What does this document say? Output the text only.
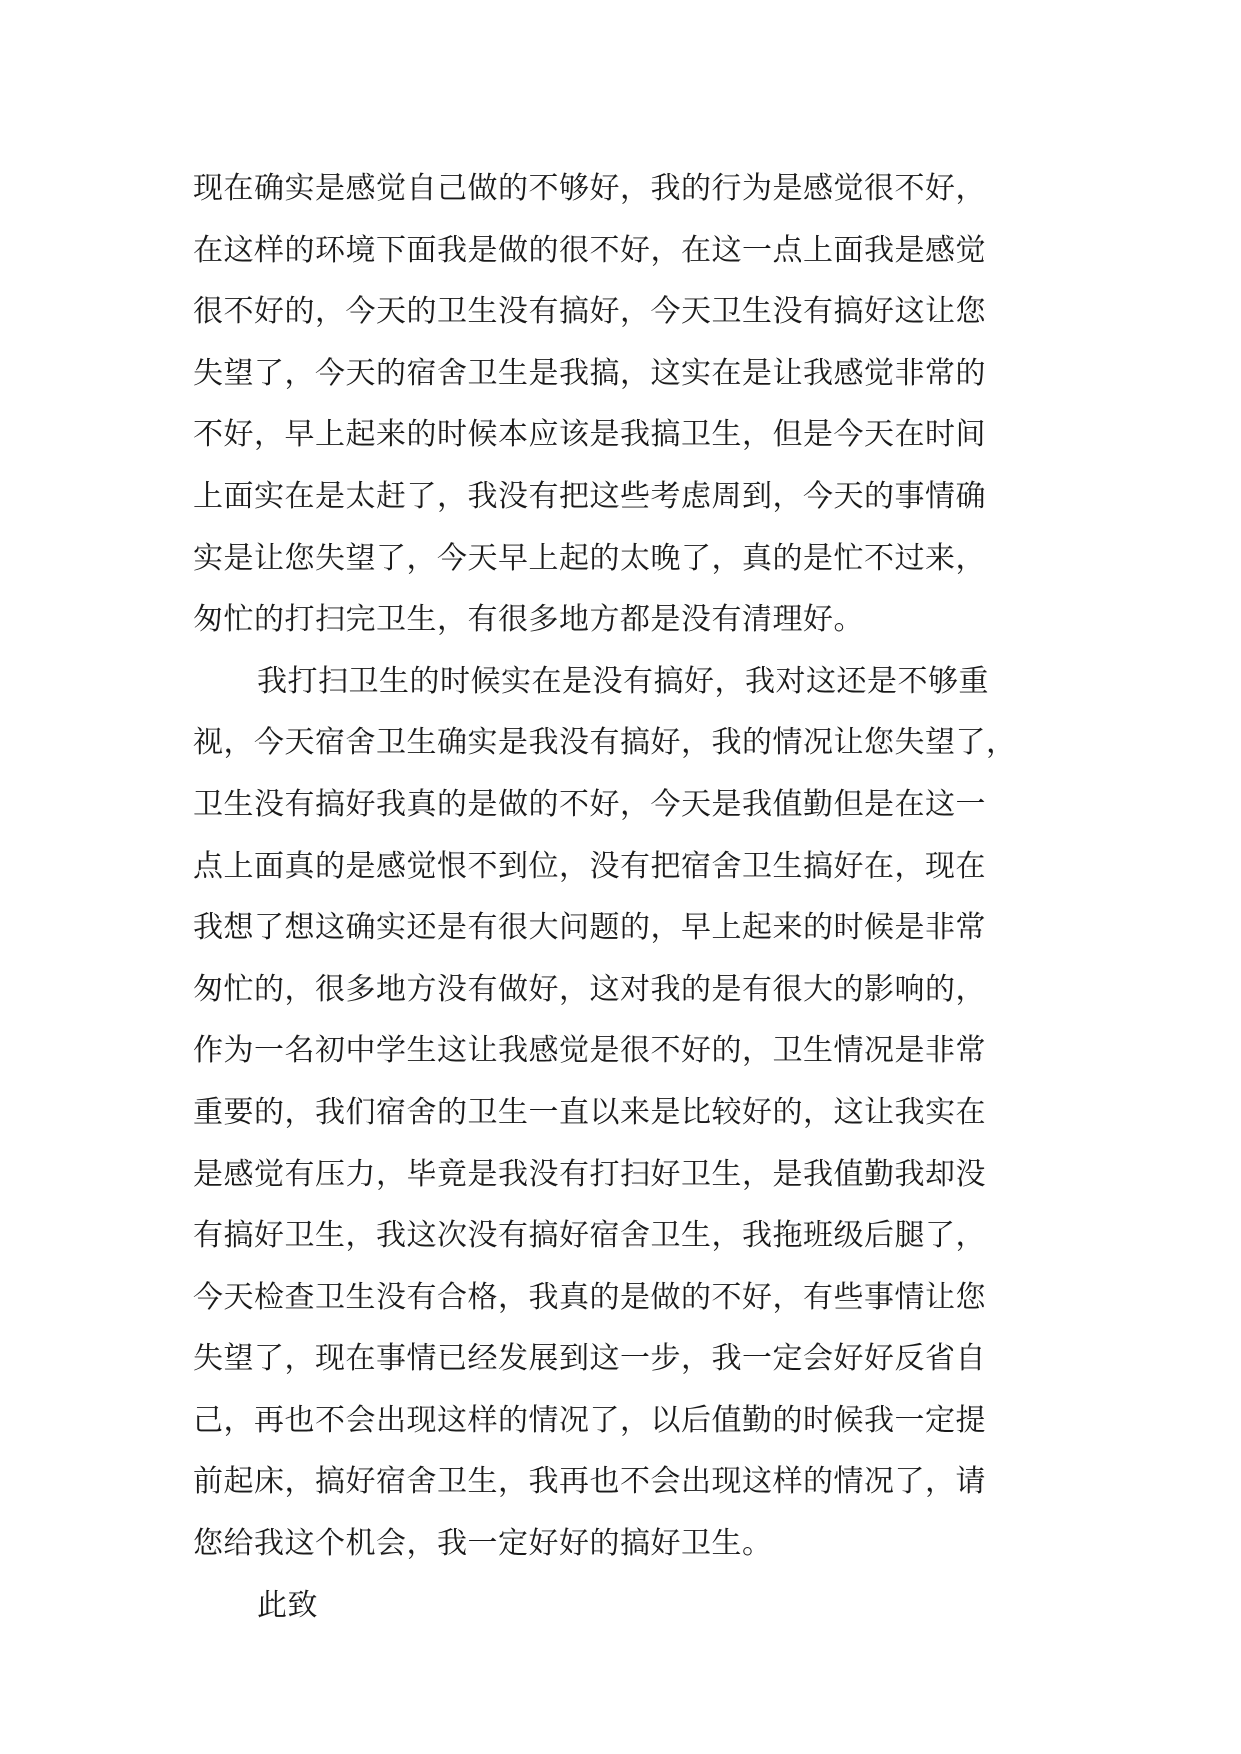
现在确实是感觉自己做的不够好，我的行为是感觉很不好，
在这样的环境下面我是做的很不好，在这一点上面我是感觉
很不好的，今天的卫生没有搞好，今天卫生没有搞好这让您
失望了，今天的宿舍卫生是我搞，这实在是让我感觉非常的
不好，早上起来的时候本应该是我搞卫生，但是今天在时间
上面实在是太赶了，我没有把这些考虑周到，今天的事情确
实是让您失望了，今天早上起的太晚了，真的是忙不过来，
匆忙的打扫完卫生，有很多地方都是没有清理好。
我打扫卫生的时候实在是没有搞好，我对这还是不够重
视，今天宿舍卫生确实是我没有搞好，我的情况让您失望了，
卫生没有搞好我真的是做的不好，今天是我值勤但是在这一
点上面真的是感觉恨不到位，没有把宿舍卫生搞好在，现在
我想了想这确实还是有很大问题的，早上起来的时候是非常
匆忙的，很多地方没有做好，这对我的是有很大的影响的，
作为一名初中学生这让我感觉是很不好的，卫生情况是非常
重要的，我们宿舍的卫生一直以来是比较好的，这让我实在
是感觉有压力，毕竟是我没有打扫好卫生，是我值勤我却没
有搞好卫生，我这次没有搞好宿舍卫生，我拖班级后腿了，
今天检查卫生没有合格，我真的是做的不好，有些事情让您
失望了，现在事情已经发展到这一步，我一定会好好反省自
己，再也不会出现这样的情况了，以后值勤的时候我一定提
前起床，搞好宿舍卫生，我再也不会出现这样的情况了，请
您给我这个机会，我一定好好的搞好卫生。
此致
